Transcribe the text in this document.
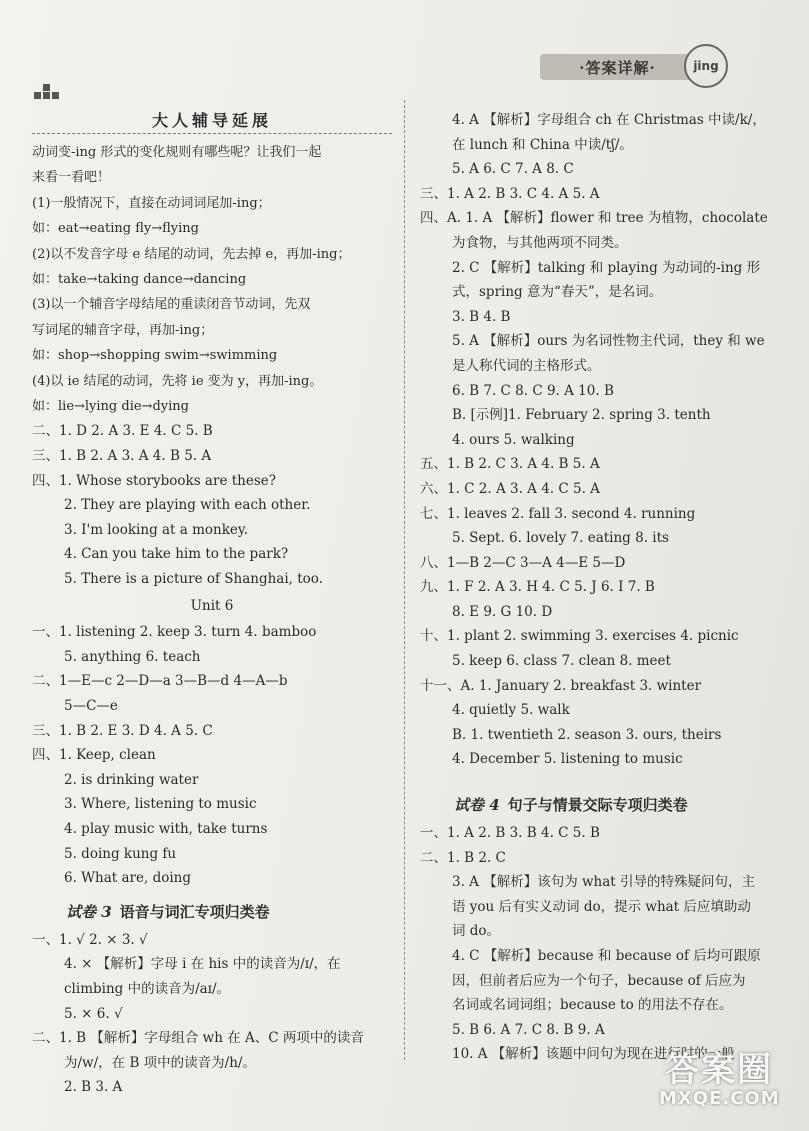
·答案详解·	jing
大人辅导延展
动词变-ing 形式的变化规则有哪些呢？让我们一起
来看一看吧！
(1)一般情况下，直接在动词词尾加-ing；
如：eat→eating fly→flying
(2)以不发音字母 e 结尾的动词，先去掉 e，再加-ing；
如：take→taking dance→dancing
(3)以一个辅音字母结尾的重读闭音节动词，先双
写词尾的辅音字母，再加-ing；
如：shop→shopping swim→swimming
(4)以 ie 结尾的动词，先将 ie 变为 y，再加-ing。
如：lie→lying die→dying
二、1. D 2. A 3. E 4. C 5. B
三、1. B 2. A 3. A 4. B 5. A
四、1. Whose storybooks are these?
2. They are playing with each other.
3. I'm looking at a monkey.
4. Can you take him to the park?
5. There is a picture of Shanghai, too.
Unit 6
一、1. listening 2. keep 3. turn 4. bamboo
5. anything 6. teach
二、1—E—c 2—D—a 3—B—d 4—A—b
5—C—e
三、1. B 2. E 3. D 4. A 5. C
四、1. Keep, clean
2. is drinking water
3. Where, listening to music
4. play music with, take turns
5. doing kung fu
6. What are, doing
试卷 3 语音与词汇专项归类卷
一、1. √ 2. × 3. √
4. × 【解析】字母 i 在 his 中的读音为/ɪ/，在
climbing 中的读音为/aɪ/。
5. × 6. √
二、1. B 【解析】字母组合 wh 在 A、C 两项中的读音
为/w/，在 B 项中的读音为/h/。
2. B 3. A
4. A 【解析】字母组合 ch 在 Christmas 中读/k/，
在 lunch 和 China 中读/tʃ/。
5. A 6. C 7. A 8. C
三、1. A 2. B 3. C 4. A 5. A
四、A. 1. A 【解析】flower 和 tree 为植物，chocolate
为食物，与其他两项不同类。
2. C 【解析】talking 和 playing 为动词的-ing 形
式，spring 意为“春天”，是名词。
3. B 4. B
5. A 【解析】ours 为名词性物主代词，they 和 we
是人称代词的主格形式。
6. B 7. C 8. C 9. A 10. B
B. [示例]1. February 2. spring 3. tenth
4. ours 5. walking
五、1. B 2. C 3. A 4. B 5. A
六、1. C 2. A 3. A 4. C 5. A
七、1. leaves 2. fall 3. second 4. running
5. Sept. 6. lovely 7. eating 8. its
八、1—B 2—C 3—A 4—E 5—D
九、1. F 2. A 3. H 4. C 5. J 6. I 7. B
8. E 9. G 10. D
十、1. plant 2. swimming 3. exercises 4. picnic
5. keep 6. class 7. clean 8. meet
十一、A. 1. January 2. breakfast 3. winter
4. quietly 5. walk
B. 1. twentieth 2. season 3. ours, theirs
4. December 5. listening to music
试卷 4 句子与情景交际专项归类卷
一、1. A 2. B 3. B 4. C 5. B
二、1. B 2. C
3. A 【解析】该句为 what 引导的特殊疑问句，主
语 you 后有实义动词 do，提示 what 后应填助动
词 do。
4. C 【解析】because 和 because of 后均可跟原
因，但前者后应为一个句子，because of 后应为
名词或名词词组；because to 的用法不存在。
5. B 6. A 7. C 8. B 9. A
10. A 【解析】该题中问句为现在进行时的一般
答案圈
MXQE.COM
